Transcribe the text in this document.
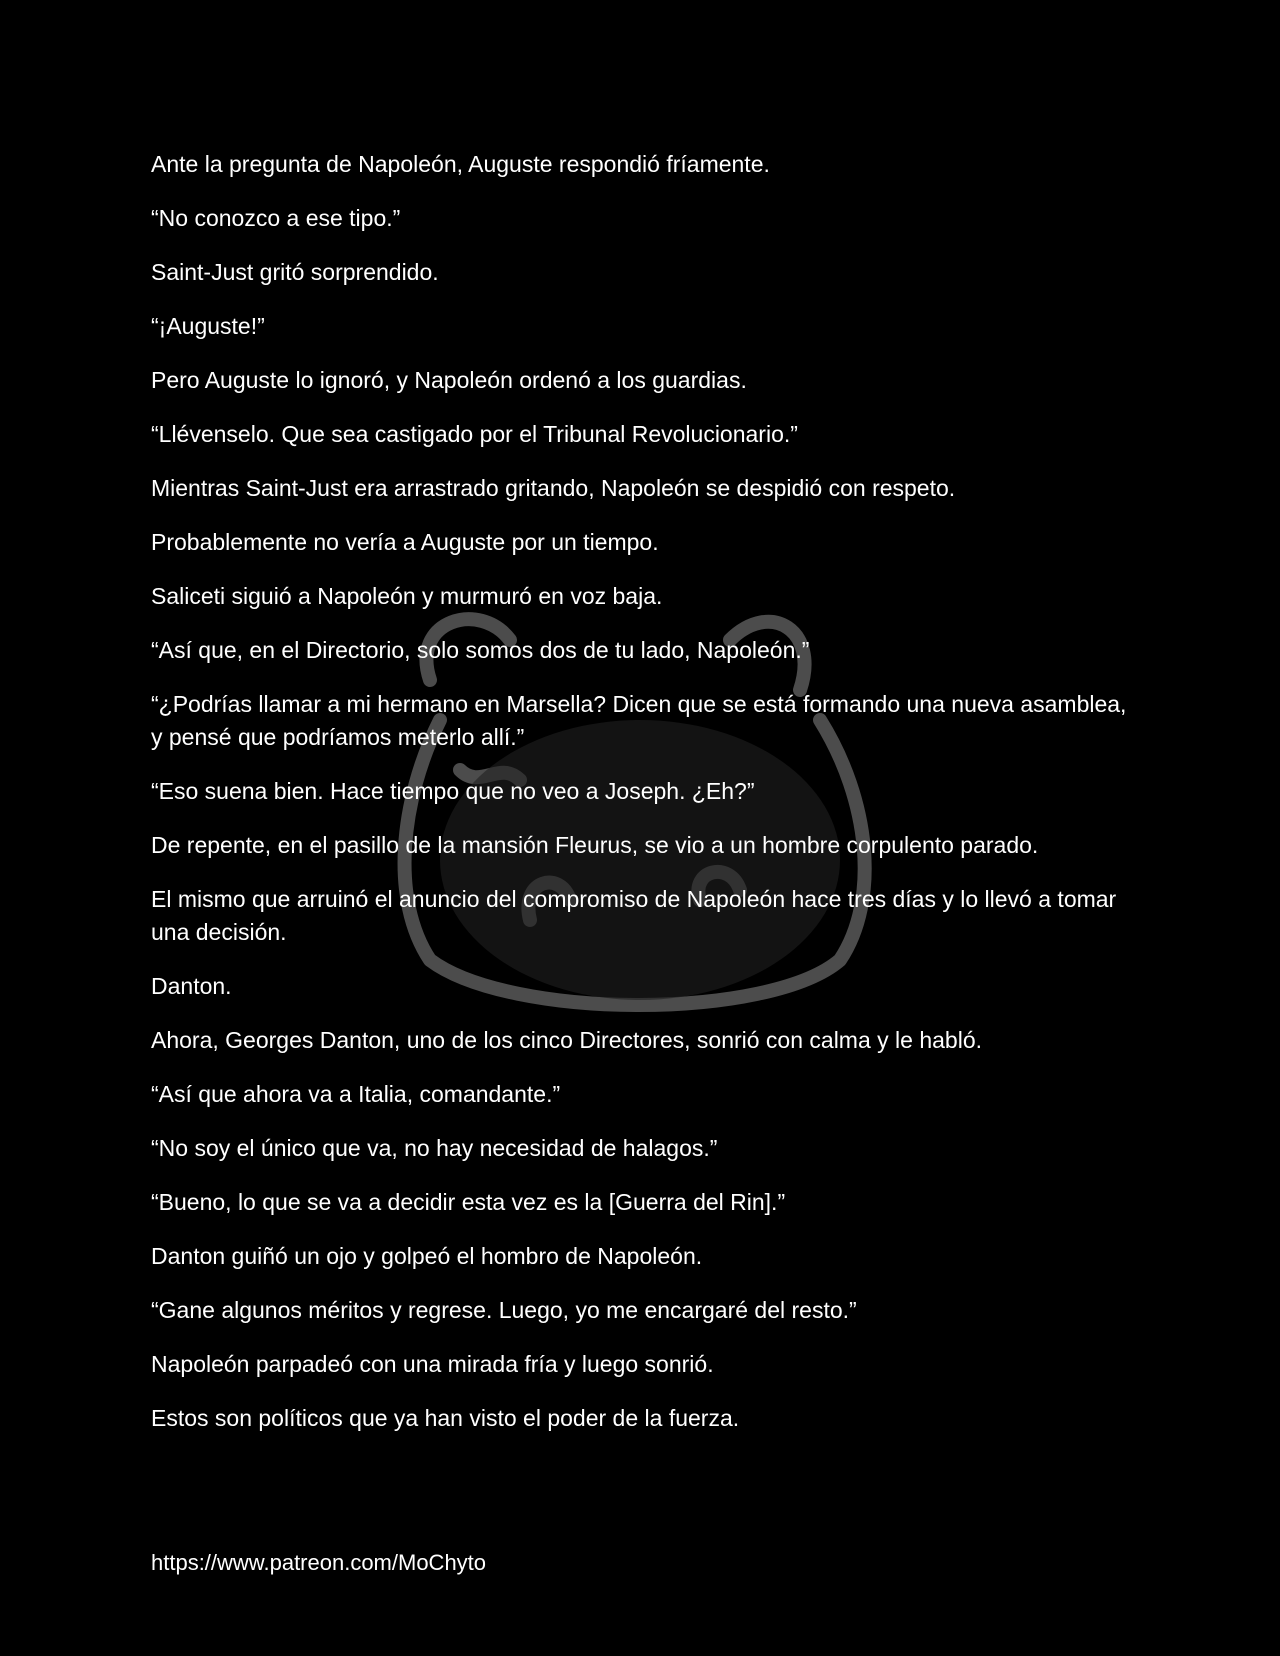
Ante la pregunta de Napoleón, Auguste respondió fríamente.

“No conozco a ese tipo.”

Saint-Just gritó sorprendido.

“¡Auguste!”

Pero Auguste lo ignoró, y Napoleón ordenó a los guardias.

“Llévenselo. Que sea castigado por el Tribunal Revolucionario.”

Mientras Saint-Just era arrastrado gritando, Napoleón se despidió con respeto.

Probablemente no vería a Auguste por un tiempo.

Saliceti siguió a Napoleón y murmuró en voz baja.

“Así que, en el Directorio, solo somos dos de tu lado, Napoleón.”

“¿Podrías llamar a mi hermano en Marsella? Dicen que se está formando una nueva asamblea, y pensé que podríamos meterlo allí.”

“Eso suena bien. Hace tiempo que no veo a Joseph. ¿Eh?”

De repente, en el pasillo de la mansión Fleurus, se vio a un hombre corpulento parado.

El mismo que arruinó el anuncio del compromiso de Napoleón hace tres días y lo llevó a tomar una decisión.

Danton.

Ahora, Georges Danton, uno de los cinco Directores, sonrió con calma y le habló.

“Así que ahora va a Italia, comandante.”

“No soy el único que va, no hay necesidad de halagos.”

“Bueno, lo que se va a decidir esta vez es la [Guerra del Rin].”

Danton guiñó un ojo y golpeó el hombro de Napoleón.

“Gane algunos méritos y regrese. Luego, yo me encargaré del resto.”

Napoleón parpadeó con una mirada fría y luego sonrió.

Estos son políticos que ya han visto el poder de la fuerza.

https://www.patreon.com/MoChyto
